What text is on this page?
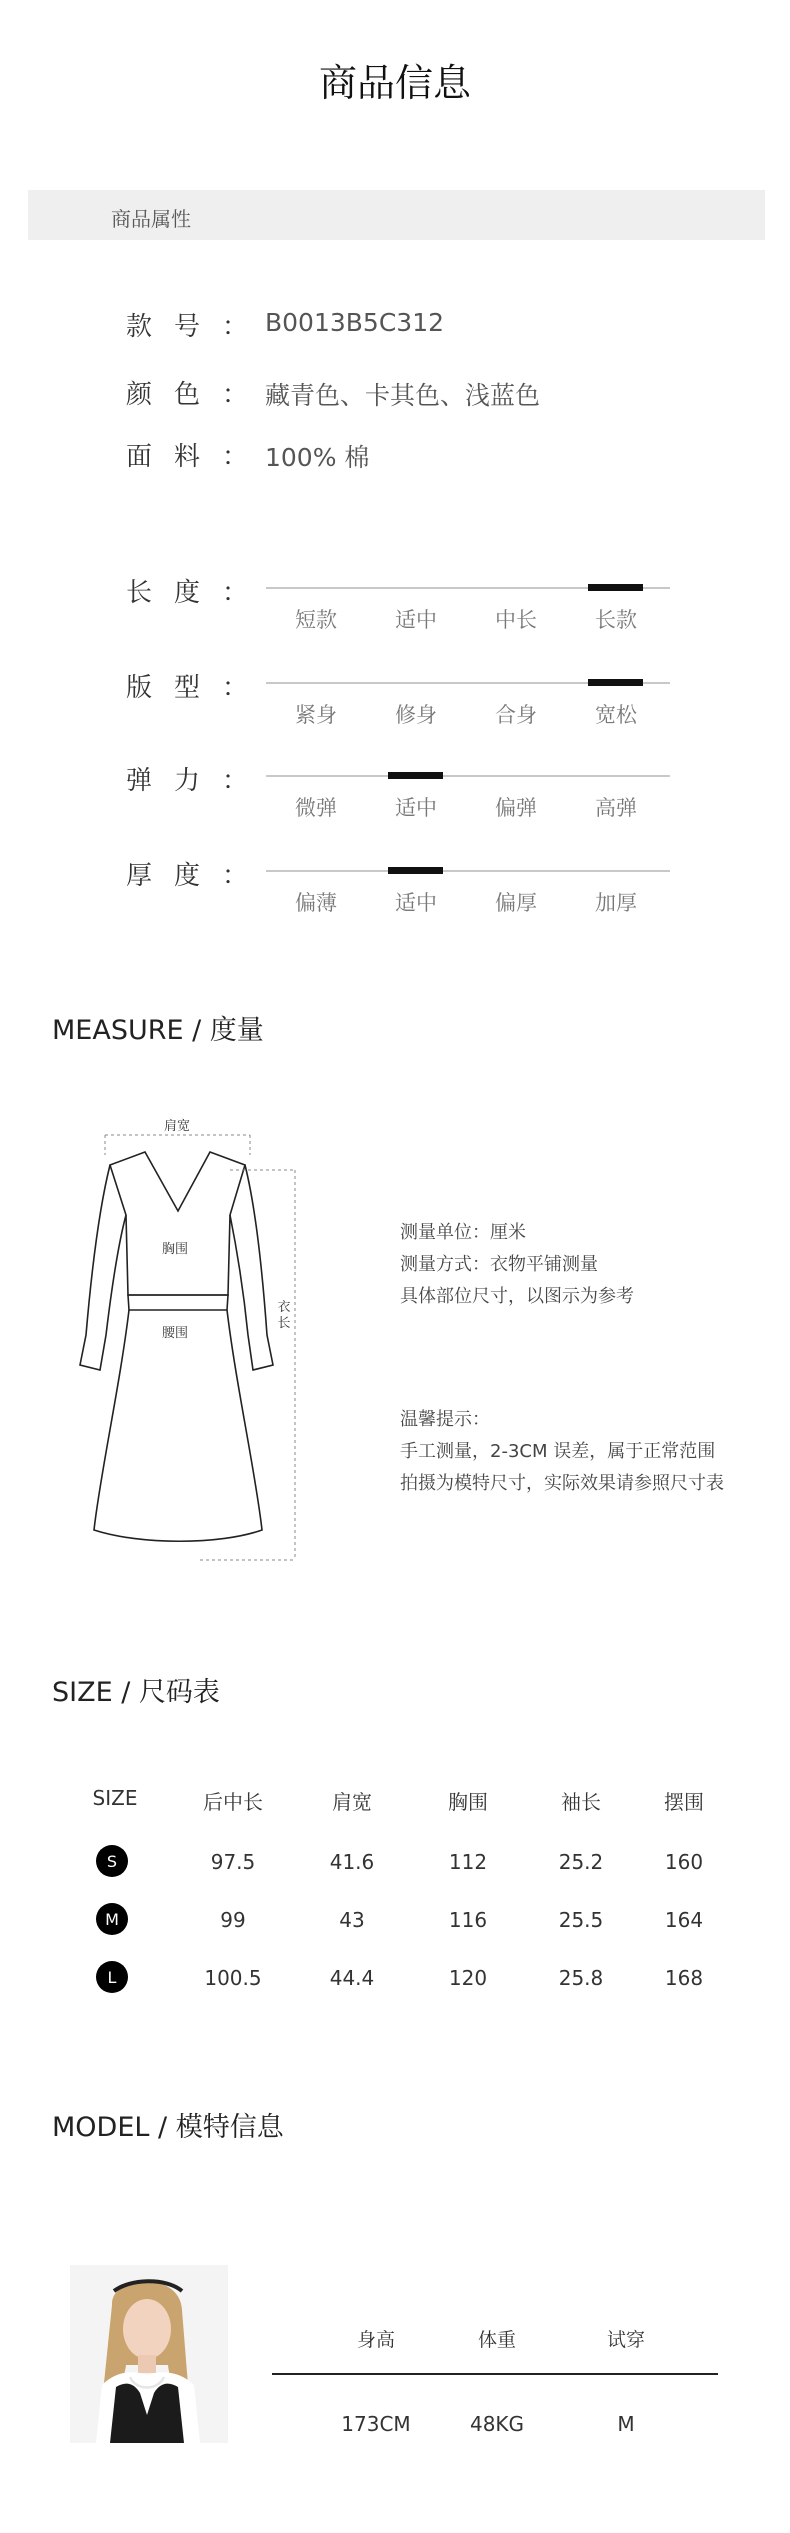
商品信息
商品属性
款号 ： B0013B5C312
颜色 ： 藏青色、卡其色、浅蓝色
面料 ： 100% 棉
长度 ：
短款	适中	中长	长款
版型 ：
紧身	修身	合身	宽松
弹力 ：
微弹	适中	偏弹	高弹
厚度 ：
偏薄	适中	偏厚	加厚
MEASURE / 度量
肩宽
胸围
腰围
衣长
测量单位：厘米
测量方式：衣物平铺测量
具体部位尺寸，以图示为参考
温馨提示：
手工测量，2-3CM 误差，属于正常范围
拍摄为模特尺寸，实际效果请参照尺寸表
SIZE / 尺码表
SIZE	后中长	肩宽	胸围	袖长	摆围
S	97.5	41.6	112	25.2	160
M	99	43	116	25.5	164
L	100.5	44.4	120	25.8	168
MODEL / 模特信息
身高	体重	试穿
173CM	48KG	M
